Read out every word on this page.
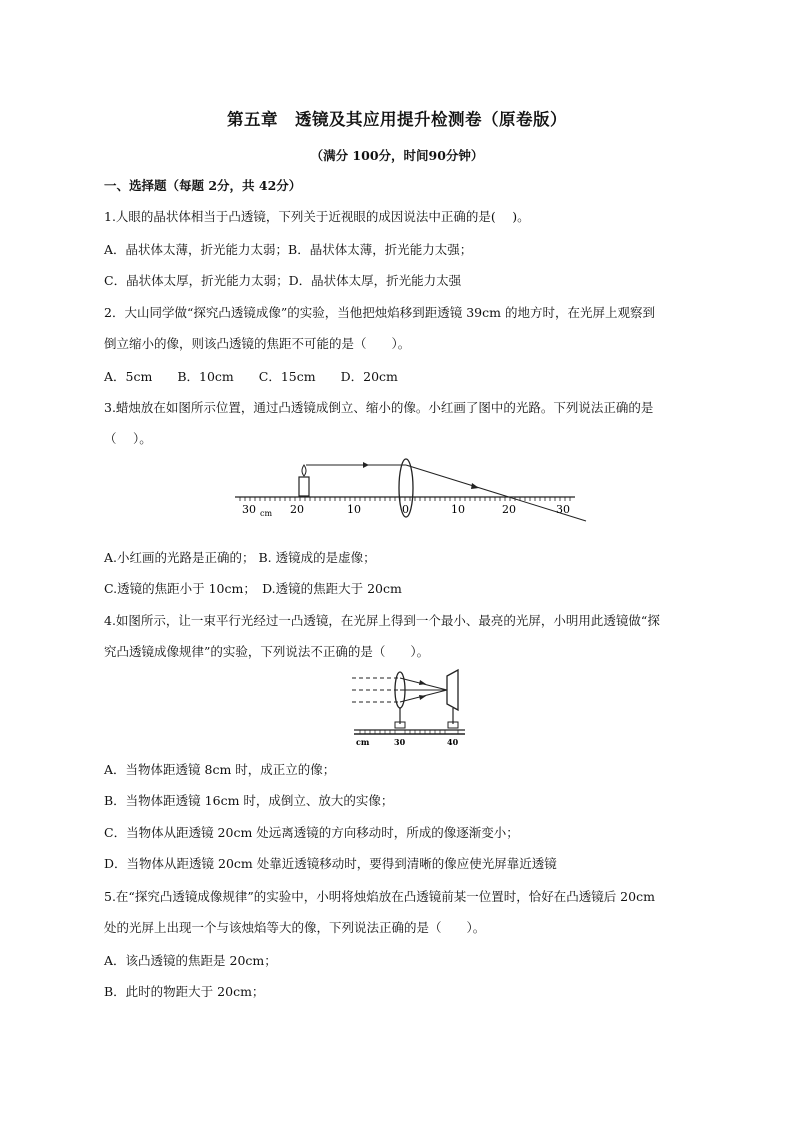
第五章　透镜及其应用提升检测卷（原卷版）
（满分 100分，时间90分钟）
一、选择题（每题 2分，共 42分）
1.人眼的晶状体相当于凸透镜，下列关于近视眼的成因说法中正确的是(　 )。
A．晶状体太薄，折光能力太弱；B．晶状体太薄，折光能力太强；
C．晶状体太厚，折光能力太弱；D．晶状体太厚，折光能力太强
2．大山同学做“探究凸透镜成像”的实验，当他把烛焰移到距透镜 39cm 的地方时，在光屏上观察到
倒立缩小的像，则该凸透镜的焦距不可能的是（　　）。
A．5cm　　B．10cm　　C．15cm　　D．20cm
3.蜡烛放在如图所示位置，通过凸透镜成倒立、缩小的像。小红画了图中的光路。下列说法正确的是
（　 ）。
30 cm 20	10	0	10	20	30
A.小红画的光路是正确的； B. 透镜成的是虚像；
C.透镜的焦距小于 10cm；　D.透镜的焦距大于 20cm
4.如图所示，让一束平行光经过一凸透镜，在光屏上得到一个最小、最亮的光屏，小明用此透镜做“探
究凸透镜成像规律”的实验，下列说法不正确的是（　　）。
cm	30	40
A．当物体距透镜 8cm 时，成正立的像；
B．当物体距透镜 16cm 时，成倒立、放大的实像；
C．当物体从距透镜 20cm 处远离透镜的方向移动时，所成的像逐渐变小；
D．当物体从距透镜 20cm 处靠近透镜移动时，要得到清晰的像应使光屏靠近透镜
5.在“探究凸透镜成像规律”的实验中，小明将烛焰放在凸透镜前某一位置时，恰好在凸透镜后 20cm
处的光屏上出现一个与该烛焰等大的像，下列说法正确的是（　　）。
A．该凸透镜的焦距是 20cm；
B．此时的物距大于 20cm；
